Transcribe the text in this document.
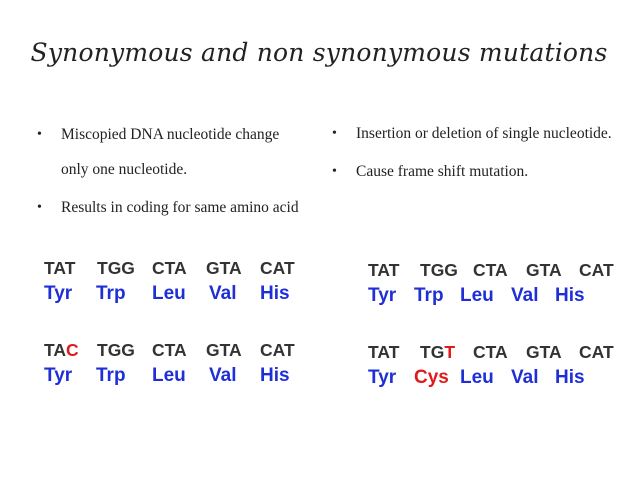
Synonymous and non synonymous mutations
•	Miscopied DNA nucleotide change only one nucleotide.
•	Results in coding for same amino acid
•	Insertion or deletion of single nucleotide.
•	Cause frame shift mutation.
TAT	TGG CTA	GTA	CAT
Tyr	Trp	Leu	Val	His
TAC	TGG CTA	GTA	CAT
Tyr	Trp	Leu	Val	His
TAT	TGG CTA	GTA CAT
Tyr Trp Leu Val His
TAT	TGT	CTA	GTA CAT
Tyr Cys Leu Val His
